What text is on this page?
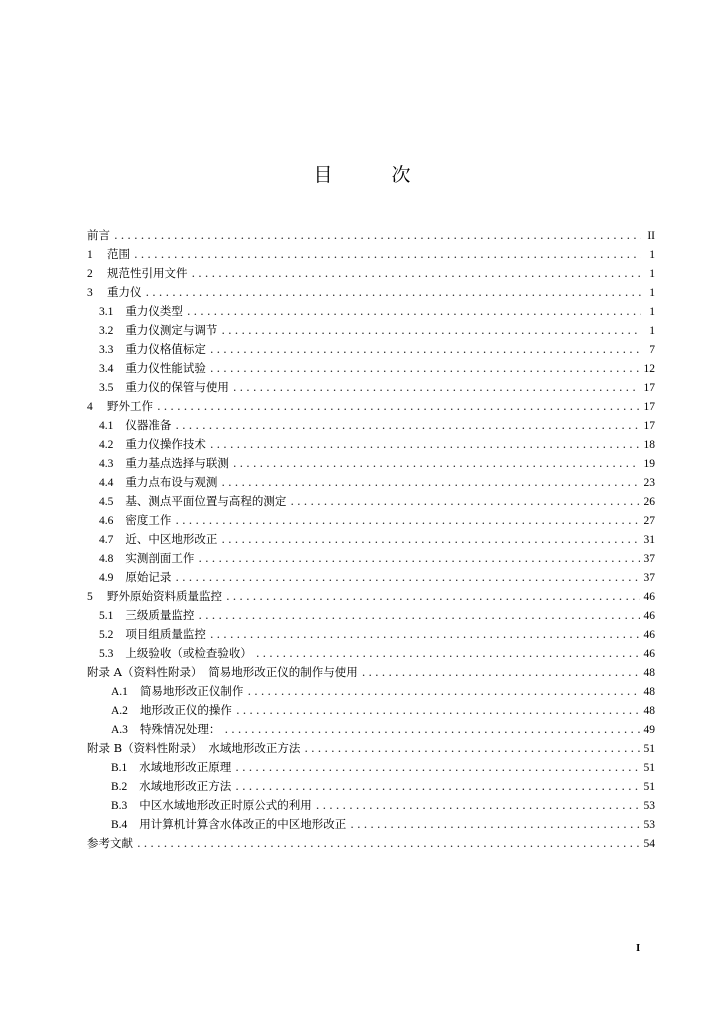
目　次
前言 .....	II
1 范围 .....	1
2 规范性引用文件 .....	1
3 重力仪 .....	1
3.1 重力仪类型 .....	1
3.2 重力仪测定与调节 .....	1
3.3 重力仪格值标定 .....	7
3.4 重力仪性能试验 .....	12
3.5 重力仪的保管与使用 .....	17
4 野外工作 .....	17
4.1 仪器准备 .....	17
4.2 重力仪操作技术 .....	18
4.3 重力基点选择与联测 .....	19
4.4 重力点布设与观测 .....	23
4.5 基、测点平面位置与高程的测定 .....	26
4.6 密度工作 .....	27
4.7 近、中区地形改正 .....	31
4.8 实测剖面工作 .....	37
4.9 原始记录 .....	37
5 野外原始资料质量监控 .....	46
5.1 三级质量监控 .....	46
5.2 项目组质量监控 .....	46
5.3 上级验收（或检查验收） .....	46
附录 A（资料性附录）　简易地形改正仪的制作与使用 .....	48
A.1 简易地形改正仪制作 .....	48
A.2 地形改正仪的操作 .....	48
A.3 特殊情况处理： .....	49
附录 B（资料性附录）　水域地形改正方法 .....	51
B.1 水域地形改正原理 .....	51
B.2 水域地形改正方法 .....	51
B.3 中区水域地形改正时原公式的利用 .....	53
B.4 用计算机计算含水体改正的中区地形改正 .....	53
参考文献 .....	54
I
